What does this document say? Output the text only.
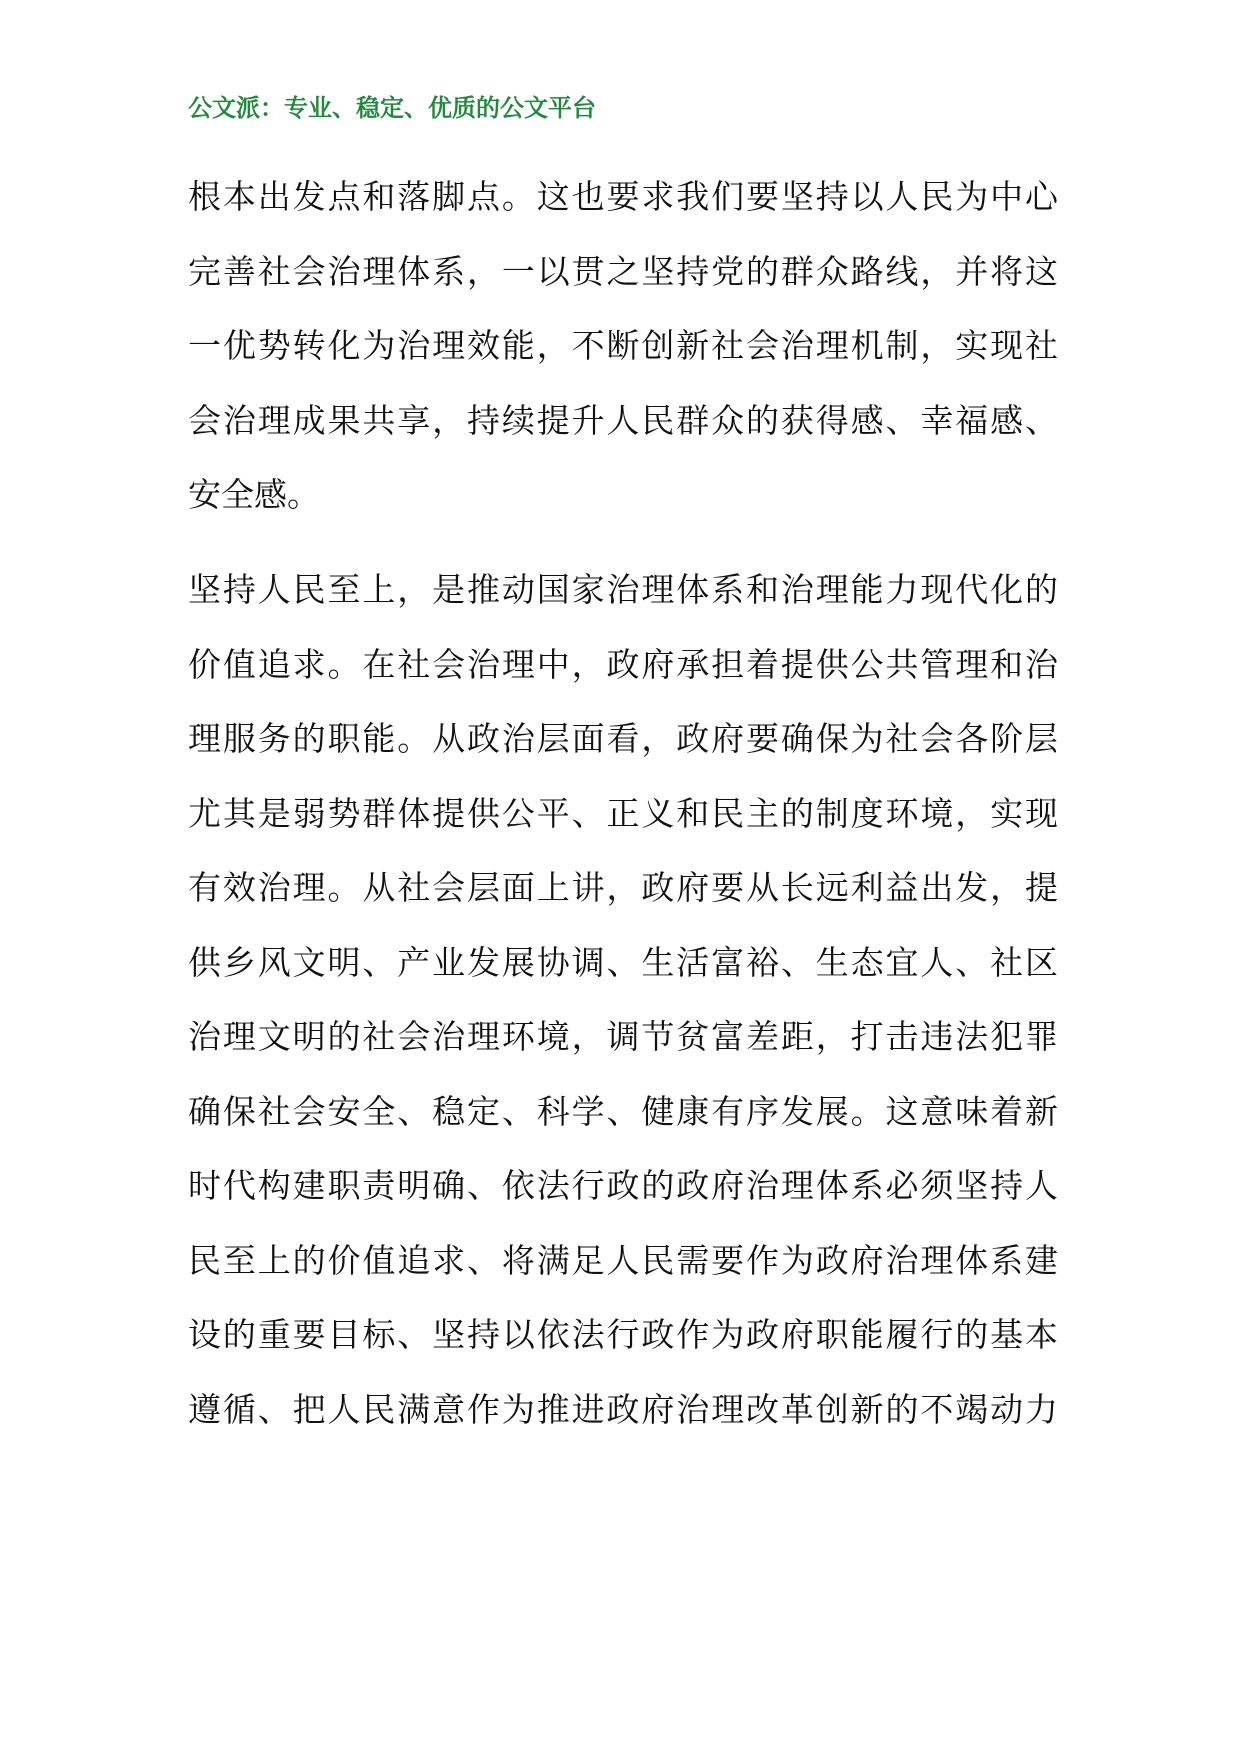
公文派：专业、稳定、优质的公文平台
根本出发点和落脚点。这也要求我们要坚持以人民为中心
完善社会治理体系，一以贯之坚持党的群众路线，并将这
一优势转化为治理效能，不断创新社会治理机制，实现社
会治理成果共享，持续提升人民群众的获得感、幸福感、
安全感。
坚持人民至上，是推动国家治理体系和治理能力现代化的
价值追求。在社会治理中，政府承担着提供公共管理和治
理服务的职能。从政治层面看，政府要确保为社会各阶层
尤其是弱势群体提供公平、正义和民主的制度环境，实现
有效治理。从社会层面上讲，政府要从长远利益出发，提
供乡风文明、产业发展协调、生活富裕、生态宜人、社区
治理文明的社会治理环境，调节贫富差距，打击违法犯罪
确保社会安全、稳定、科学、健康有序发展。这意味着新
时代构建职责明确、依法行政的政府治理体系必须坚持人
民至上的价值追求、将满足人民需要作为政府治理体系建
设的重要目标、坚持以依法行政作为政府职能履行的基本
遵循、把人民满意作为推进政府治理改革创新的不竭动力
